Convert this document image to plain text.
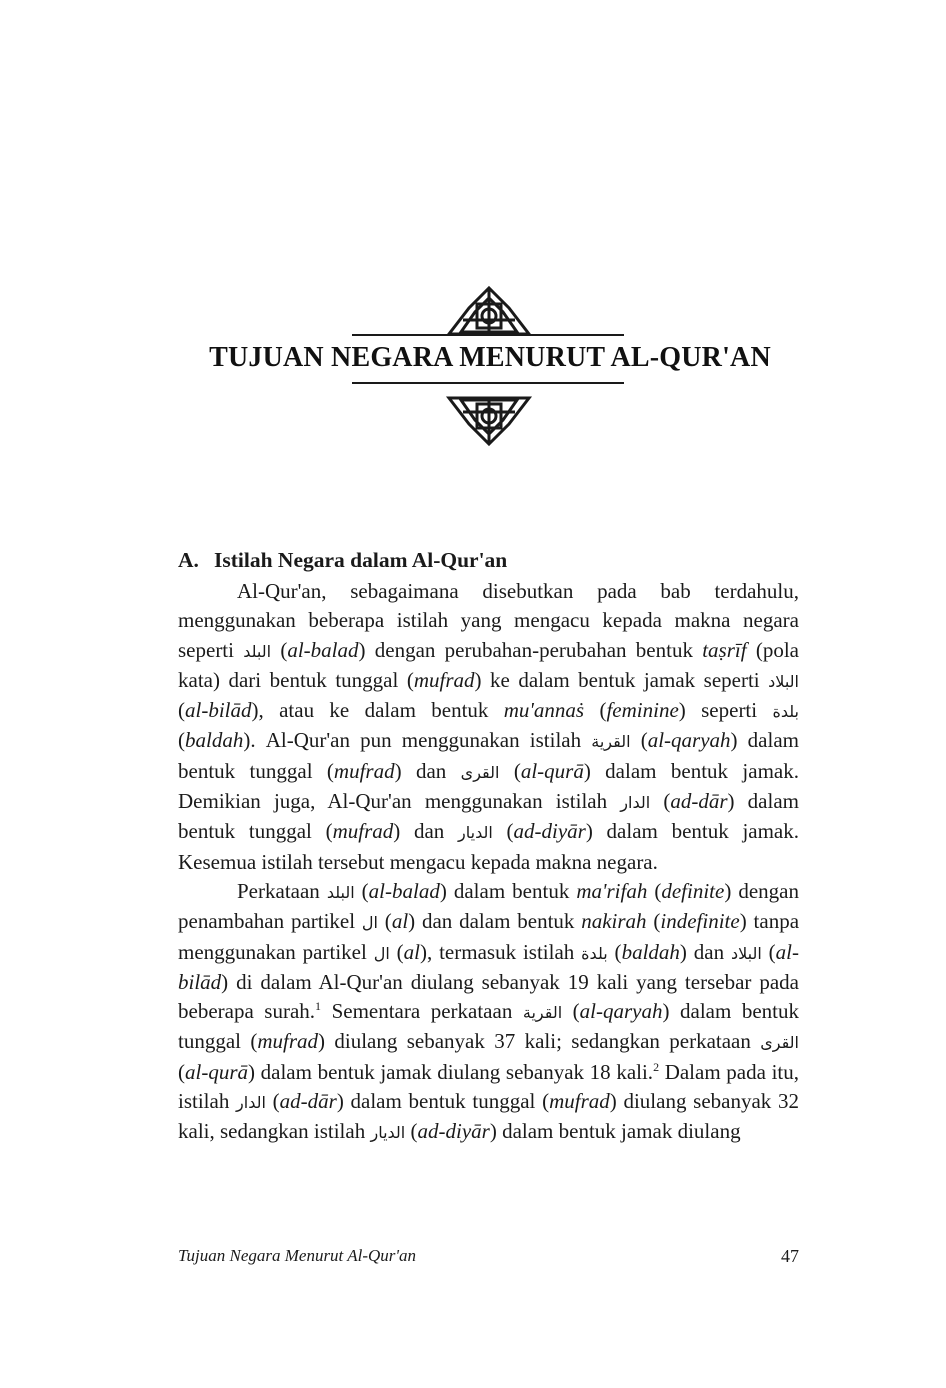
TUJUAN NEGARA MENURUT AL-QUR'AN
A. Istilah Negara dalam Al-Qur'an

Al-Qur'an, sebagaimana disebutkan pada bab terdahulu, menggunakan beberapa istilah yang mengacu kepada makna negara seperti البلد (al-balad) dengan perubahan-perubahan bentuk taṣrīf (pola kata) dari bentuk tunggal (mufrad) ke dalam bentuk jamak seperti البلاد (al-bilād), atau ke dalam bentuk mu'annaṡ (feminine) seperti بلدة (baldah). Al-Qur'an pun menggunakan istilah القرية (al-qaryah) dalam bentuk tunggal (mufrad) dan القرى (al-qurā) dalam bentuk jamak. Demikian juga, Al-Qur'an menggunakan istilah الدار (ad-dār) dalam bentuk tunggal (mufrad) dan الديار (ad-diyār) dalam bentuk jamak. Kesemua istilah tersebut mengacu kepada makna negara.

Perkataan البلد (al-balad) dalam bentuk ma'rifah (definite) dengan penambahan partikel ال (al) dan dalam bentuk nakirah (indefinite) tanpa menggunakan partikel ال (al), termasuk istilah بلدة (baldah) dan البلاد (al-bilād) di dalam Al-Qur'an diulang sebanyak 19 kali yang tersebar pada beberapa surah.$^1$ Sementara perkataan القرية (al-qaryah) dalam bentuk tunggal (mufrad) diulang sebanyak 37 kali; sedangkan perkataan القرى (al-qurā) dalam bentuk jamak diulang sebanyak 18 kali.$^2$ Dalam pada itu, istilah الدار (ad-dār) dalam bentuk tunggal (mufrad) diulang sebanyak 32 kali, sedangkan istilah الديار (ad-diyār) dalam bentuk jamak diulang

Tujuan Negara Menurut Al-Qur'an	47
